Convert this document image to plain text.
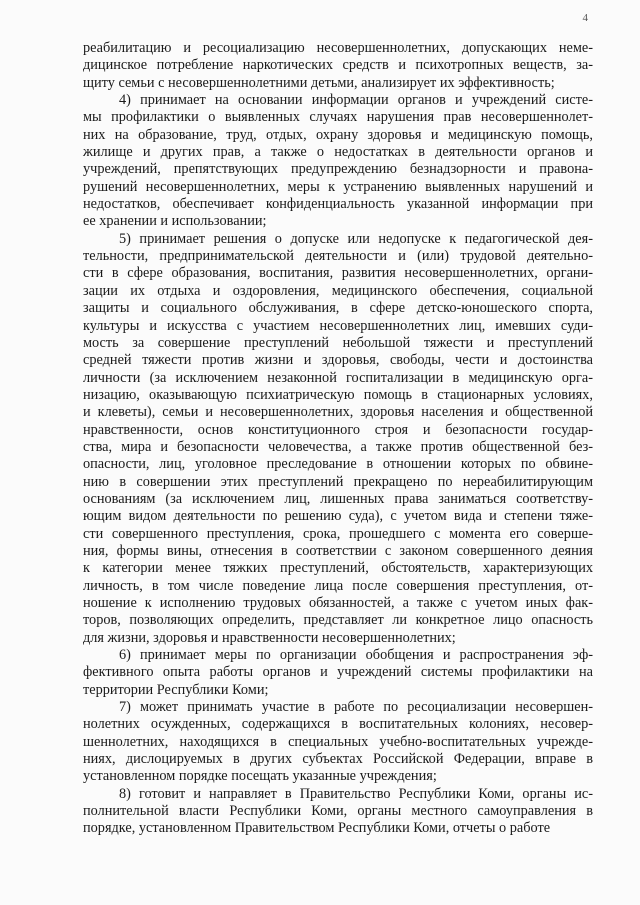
4
реабилитацию и ресоциализацию несовершеннолетних, допускающих неме-
дицинское потребление наркотических средств и психотропных веществ, за-
щиту семьи с несовершеннолетними детьми, анализирует их эффективность;
4) принимает на основании информации органов и учреждений систе-
мы профилактики о выявленных случаях нарушения прав несовершеннолет-
них на образование, труд, отдых, охрану здоровья и медицинскую помощь,
жилище и других прав, а также о недостатках в деятельности органов и
учреждений, препятствующих предупреждению безнадзорности и правона-
рушений несовершеннолетних, меры к устранению выявленных нарушений и
недостатков, обеспечивает конфиденциальность указанной информации при
ее хранении и использовании;
5) принимает решения о допуске или недопуске к педагогической дея-
тельности, предпринимательской деятельности и (или) трудовой деятельно-
сти в сфере образования, воспитания, развития несовершеннолетних, органи-
зации их отдыха и оздоровления, медицинского обеспечения, социальной
защиты и социального обслуживания, в сфере детско-юношеского спорта,
культуры и искусства с участием несовершеннолетних лиц, имевших суди-
мость за совершение преступлений небольшой тяжести и преступлений
средней тяжести против жизни и здоровья, свободы, чести и достоинства
личности (за исключением незаконной госпитализации в медицинскую орга-
низацию, оказывающую психиатрическую помощь в стационарных условиях,
и клеветы), семьи и несовершеннолетних, здоровья населения и общественной
нравственности, основ конституционного строя и безопасности государ-
ства, мира и безопасности человечества, а также против общественной без-
опасности, лиц, уголовное преследование в отношении которых по обвине-
нию в совершении этих преступлений прекращено по нереабилитирующим
основаниям (за исключением лиц, лишенных права заниматься соответству-
ющим видом деятельности по решению суда), с учетом вида и степени тяже-
сти совершенного преступления, срока, прошедшего с момента его соверше-
ния, формы вины, отнесения в соответствии с законом совершенного деяния
к категории менее тяжких преступлений, обстоятельств, характеризующих
личность, в том числе поведение лица после совершения преступления, от-
ношение к исполнению трудовых обязанностей, а также с учетом иных фак-
торов, позволяющих определить, представляет ли конкретное лицо опасность
для жизни, здоровья и нравственности несовершеннолетних;
6) принимает меры по организации обобщения и распространения эф-
фективного опыта работы органов и учреждений системы профилактики на
территории Республики Коми;
7) может принимать участие в работе по ресоциализации несовершен-
нолетних осужденных, содержащихся в воспитательных колониях, несовер-
шеннолетних, находящихся в специальных учебно-воспитательных учрежде-
ниях, дислоцируемых в других субъектах Российской Федерации, вправе в
установленном порядке посещать указанные учреждения;
8) готовит и направляет в Правительство Республики Коми, органы ис-
полнительной власти Республики Коми, органы местного самоуправления в
порядке, установленном Правительством Республики Коми, отчеты о работе
